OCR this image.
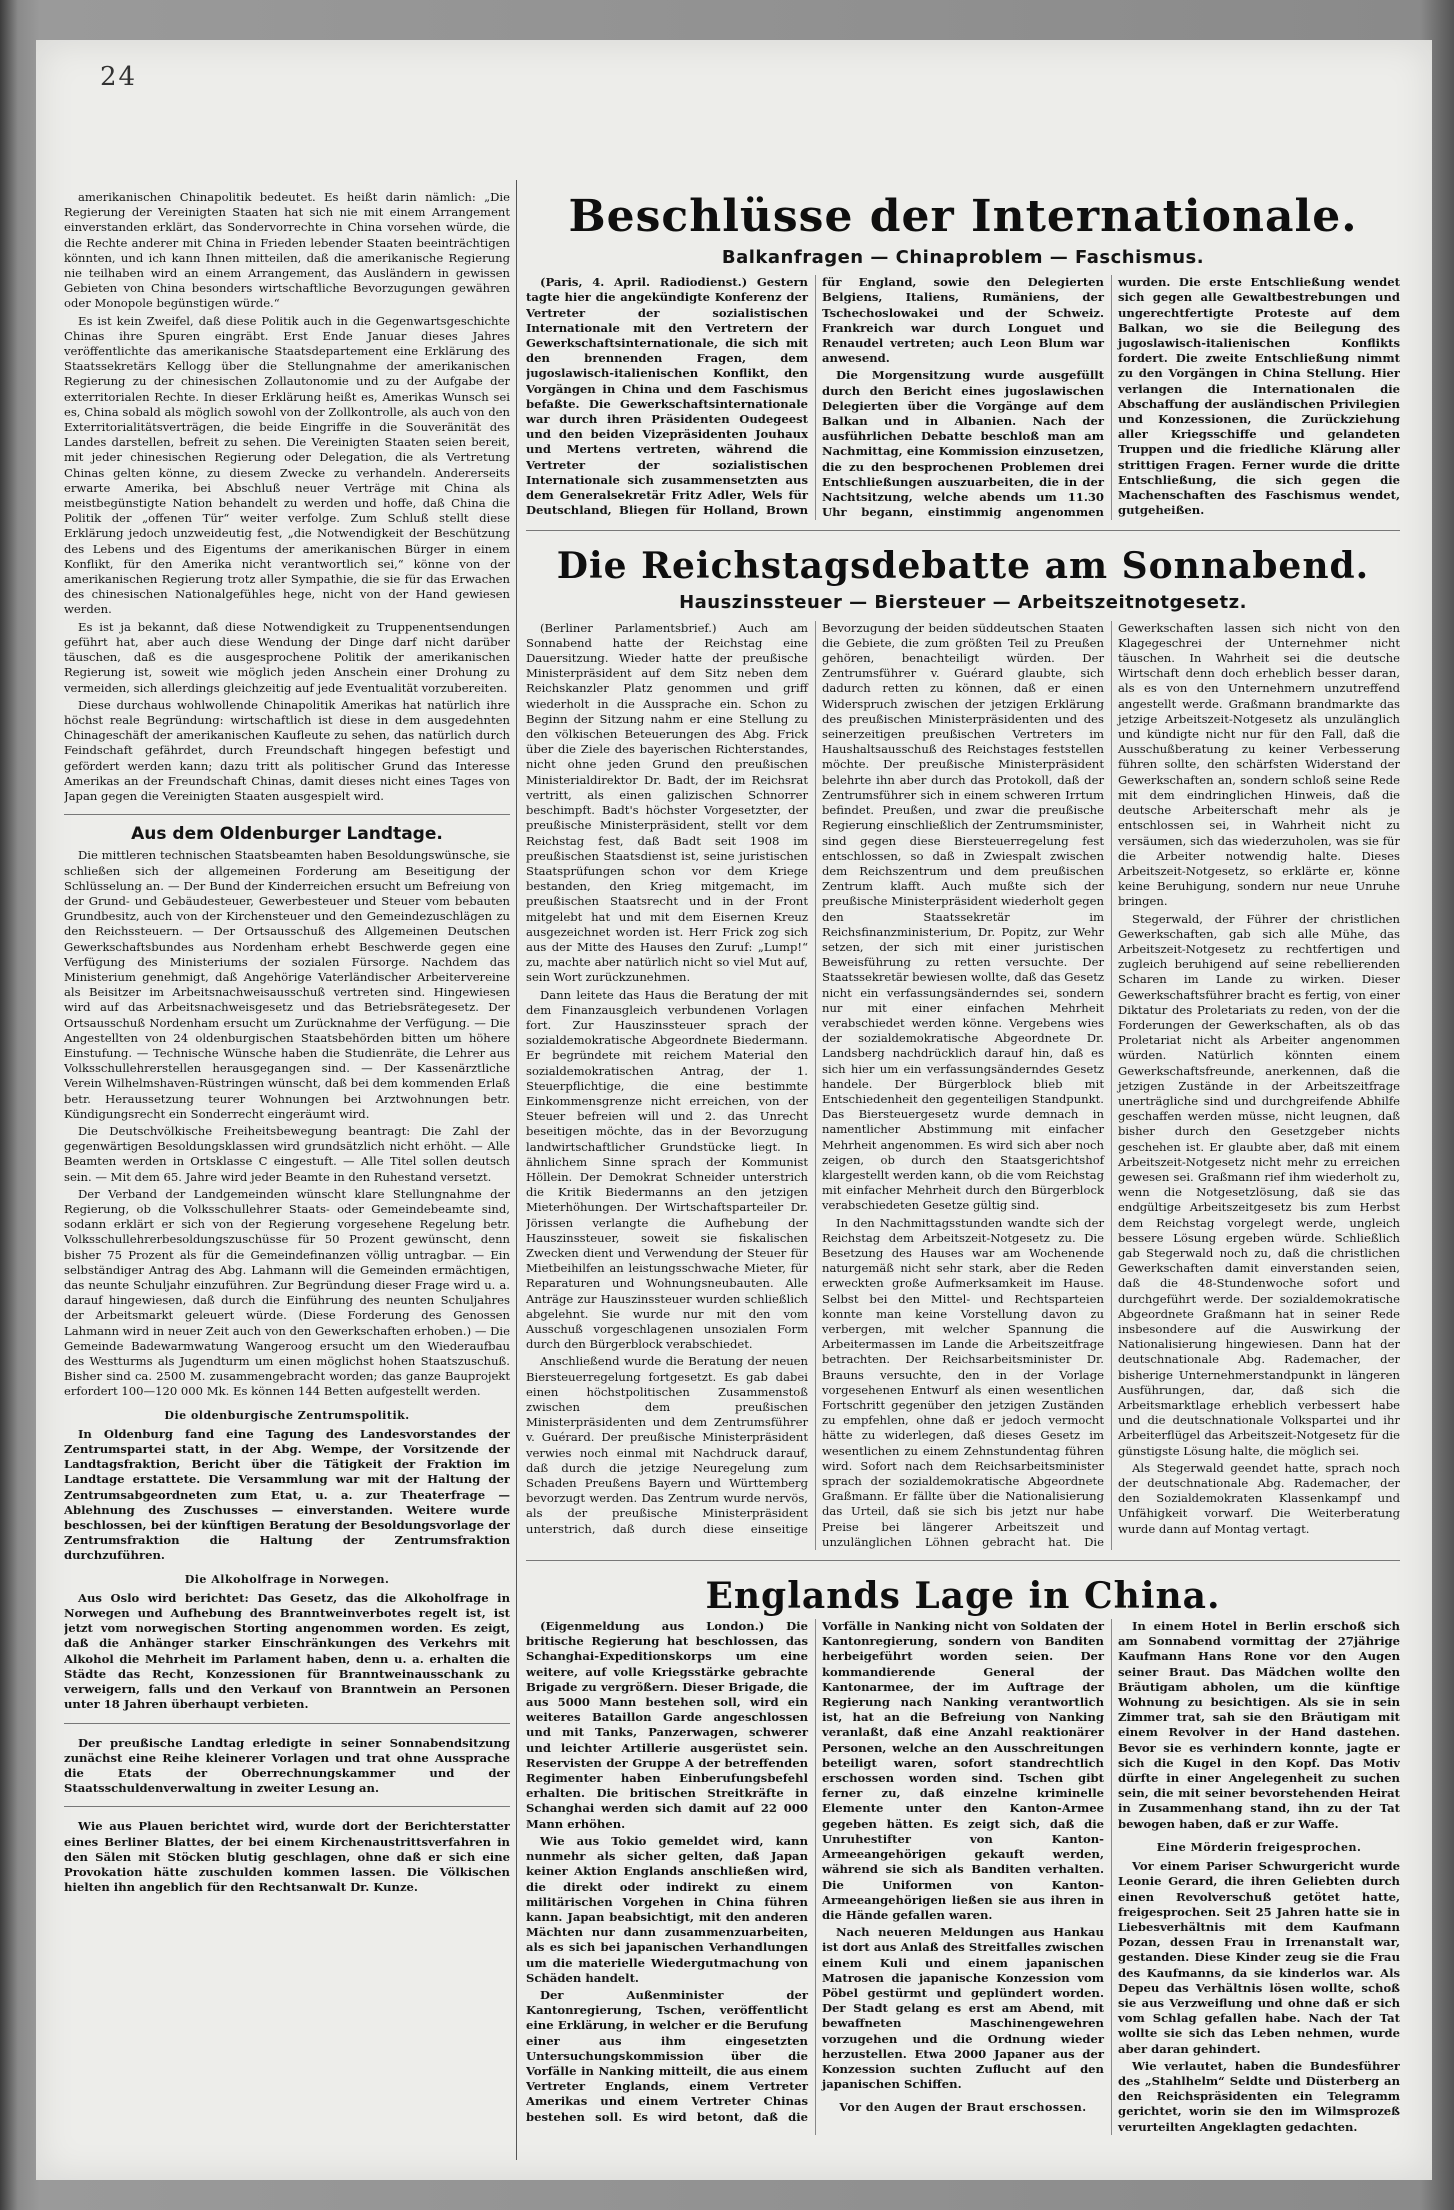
24

amerikanischen Chinapolitik bedeutet. Es heißt darin nämlich: „Die Regierung der Vereinigten Staaten hat sich nie mit einem Arrangement einverstanden erklärt, das Sondervorrechte in China vorsehen würde, die die Rechte anderer mit China in Frieden lebender Staaten beeinträchtigen könnten, und ich kann Ihnen mitteilen, daß die amerikanische Regierung nie teilhaben wird an einem Arrangement, das Ausländern in gewissen Gebieten von China besonders wirtschaftliche Bevorzugungen gewähren oder Monopole begünstigen würde.“

Es ist kein Zweifel, daß diese Politik auch in die Gegenwartsgeschichte Chinas ihre Spuren eingräbt. Erst Ende Januar dieses Jahres veröffentlichte das amerikanische Staatsdepartement eine Erklärung des Staatssekretärs Kellogg über die Stellungnahme der amerikanischen Regierung zu der chinesischen Zollautonomie und zu der Aufgabe der exterritorialen Rechte. In dieser Erklärung heißt es, Amerikas Wunsch sei es, China sobald als möglich sowohl von der Zollkontrolle, als auch von den Exterritorialitätsverträgen, die beide Eingriffe in die Souveränität des Landes darstellen, befreit zu sehen. Die Vereinigten Staaten seien bereit, mit jeder chinesischen Regierung oder Delegation, die als Vertretung Chinas gelten könne, zu diesem Zwecke zu verhandeln. Andererseits erwarte Amerika, bei Abschluß neuer Verträge mit China als meistbegünstigte Nation behandelt zu werden und hoffe, daß China die Politik der „offenen Tür“ weiter verfolge. Zum Schluß stellt diese Erklärung jedoch unzweideutig fest, „die Notwendigkeit der Beschützung des Lebens und des Eigentums der amerikanischen Bürger in einem Konflikt, für den Amerika nicht verantwortlich sei,“ könne von der amerikanischen Regierung trotz aller Sympathie, die sie für das Erwachen des chinesischen Nationalgefühles hege, nicht von der Hand gewiesen werden.

Es ist ja bekannt, daß diese Notwendigkeit zu Truppenentsendungen geführt hat, aber auch diese Wendung der Dinge darf nicht darüber täuschen, daß es die ausgesprochene Politik der amerikanischen Regierung ist, soweit wie möglich jeden Anschein einer Drohung zu vermeiden, sich allerdings gleichzeitig auf jede Eventualität vorzubereiten.

Diese durchaus wohlwollende Chinapolitik Amerikas hat natürlich ihre höchst reale Begründung: wirtschaftlich ist diese in dem ausgedehnten Chinageschäft der amerikanischen Kaufleute zu sehen, das natürlich durch Feindschaft gefährdet, durch Freundschaft hingegen befestigt und gefördert werden kann; dazu tritt als politischer Grund das Interesse Amerikas an der Freundschaft Chinas, damit dieses nicht eines Tages von Japan gegen die Vereinigten Staaten ausgespielt wird.

Aus dem Oldenburger Landtage.

Die mittleren technischen Staatsbeamten haben Besoldungswünsche, sie schließen sich der allgemeinen Forderung am Beseitigung der Schlüsselung an. — Der Bund der Kinderreichen ersucht um Befreiung von der Grund- und Gebäudesteuer, Gewerbesteuer und Steuer vom bebauten Grundbesitz, auch von der Kirchensteuer und den Gemeindezuschlägen zu den Reichssteuern. — Der Ortsausschuß des Allgemeinen Deutschen Gewerkschaftsbundes aus Nordenham erhebt Beschwerde gegen eine Verfügung des Ministeriums der sozialen Fürsorge. Nachdem das Ministerium genehmigt, daß Angehörige Vaterländischer Arbeitervereine als Beisitzer im Arbeitsnachweisausschuß vertreten sind. Hingewiesen wird auf das Arbeitsnachweisgesetz und das Betriebsrätegesetz. Der Ortsausschuß Nordenham ersucht um Zurücknahme der Verfügung. — Die Angestellten von 24 oldenburgischen Staatsbehörden bitten um höhere Einstufung. — Technische Wünsche haben die Studienräte, die Lehrer aus Volksschullehrerstellen herausgegangen sind. — Der Kassenärztliche Verein Wilhelmshaven-Rüstringen wünscht, daß bei dem kommenden Erlaß betr. Heraussetzung teurer Wohnungen bei Arztwohnungen betr. Kündigungsrecht ein Sonderrecht eingeräumt wird.

Die Deutschvölkische Freiheitsbewegung beantragt: Die Zahl der gegenwärtigen Besoldungsklassen wird grundsätzlich nicht erhöht. — Alle Beamten werden in Ortsklasse C eingestuft. — Alle Titel sollen deutsch sein. — Mit dem 65. Jahre wird jeder Beamte in den Ruhestand versetzt.

Der Verband der Landgemeinden wünscht klare Stellungnahme der Regierung, ob die Volksschullehrer Staats- oder Gemeindebeamte sind, sodann erklärt er sich von der Regierung vorgesehene Regelung betr. Volksschullehrerbesoldungszuschüsse für 50 Prozent gewünscht, denn bisher 75 Prozent als für die Gemeindefinanzen völlig untragbar. — Ein selbständiger Antrag des Abg. Lahmann will die Gemeinden ermächtigen, das neunte Schuljahr einzuführen. Zur Begründung dieser Frage wird u. a. darauf hingewiesen, daß durch die Einführung des neunten Schuljahres der Arbeitsmarkt geleuert würde. (Diese Forderung des Genossen Lahmann wird in neuer Zeit auch von den Gewerkschaften erhoben.) — Die Gemeinde Badewarmwatung Wangeroog ersucht um den Wiederaufbau des Westturms als Jugendturm um einen möglichst hohen Staatszuschuß. Bisher sind ca. 2500 M. zusammengebracht worden; das ganze Bauprojekt erfordert 100—120 000 Mk. Es können 144 Betten aufgestellt werden.

Die oldenburgische Zentrumspolitik.

In Oldenburg fand eine Tagung des Landesvorstandes der Zentrumspartei statt, in der Abg. Wempe, der Vorsitzende der Landtagsfraktion, Bericht über die Tätigkeit der Fraktion im Landtage erstattete. Die Versammlung war mit der Haltung der Zentrumsabgeordneten zum Etat, u. a. zur Theaterfrage — Ablehnung des Zuschusses — einverstanden. Weitere wurde beschlossen, bei der künftigen Beratung der Besoldungsvorlage der Zentrumsfraktion die Haltung der Zentrumsfraktion durchzuführen.

Die Alkoholfrage in Norwegen.

Aus Oslo wird berichtet: Das Gesetz, das die Alkoholfrage in Norwegen und Aufhebung des Branntweinverbotes regelt ist, ist jetzt vom norwegischen Storting angenommen worden. Es zeigt, daß die Anhänger starker Einschränkungen des Verkehrs mit Alkohol die Mehrheit im Parlament haben, denn u. a. erhalten die Städte das Recht, Konzessionen für Branntweinausschank zu verweigern, falls und den Verkauf von Branntwein an Personen unter 18 Jahren überhaupt verbieten.

Der preußische Landtag erledigte in seiner Sonnabendsitzung zunächst eine Reihe kleinerer Vorlagen und trat ohne Aussprache die Etats der Oberrechnungskammer und der Staatsschuldenverwaltung in zweiter Lesung an.

Wie aus Plauen berichtet wird, wurde dort der Berichterstatter eines Berliner Blattes, der bei einem Kirchenaustrittsverfahren in den Sälen mit Stöcken blutig geschlagen, ohne daß er sich eine Provokation hätte zuschulden kommen lassen. Die Völkischen hielten ihn angeblich für den Rechtsanwalt Dr. Kunze.

Beschlüsse der Internationale.
Balkanfragen — Chinaproblem — Faschismus.

(Paris, 4. April. Radiodienst.) Gestern tagte hier die angekündigte Konferenz der Vertreter der sozialistischen Internationale mit den Vertretern der Gewerkschaftsinternationale, die sich mit den brennenden Fragen, dem jugoslawisch-italienischen Konflikt, den Vorgängen in China und dem Faschismus befaßte. Die Gewerkschaftsinternationale war durch ihren Präsidenten Oudegeest und den beiden Vizepräsidenten Jouhaux und Mertens vertreten, während die Vertreter der sozialistischen Internationale sich zusammensetzten aus dem Generalsekretär Fritz Adler, Wels für Deutschland, Bliegen für Holland, Brown für England, sowie den Delegierten Belgiens, Italiens, Rumäniens, der Tschechoslowakei und der Schweiz. Frankreich war durch Longuet und Renaudel vertreten; auch Leon Blum war anwesend.

Die Morgensitzung wurde ausgefüllt durch den Bericht eines jugoslawischen Delegierten über die Vorgänge auf dem Balkan und in Albanien. Nach der ausführlichen Debatte beschloß man am Nachmittag, eine Kommission einzusetzen, die zu den besprochenen Problemen drei Entschließungen auszuarbeiten, die in der Nachtsitzung, welche abends um 11.30 Uhr begann, einstimmig angenommen wurden. Die erste Entschließung wendet sich gegen alle Gewaltbestrebungen und ungerechtfertigte Proteste auf dem Balkan, wo sie die Beilegung des jugoslawisch-italienischen Konflikts fordert. Die zweite Entschließung nimmt zu den Vorgängen in China Stellung. Hier verlangen die Internationalen die Abschaffung der ausländischen Privilegien und Konzessionen, die Zurückziehung aller Kriegsschiffe und gelandeten Truppen und die friedliche Klärung aller strittigen Fragen. Ferner wurde die dritte Entschließung, die sich gegen die Machenschaften des Faschismus wendet, gutgeheißen.

Die Reichstagsdebatte am Sonnabend.
Hauszinssteuer — Biersteuer — Arbeitszeitnotgesetz.

(Berliner Parlamentsbrief.) Auch am Sonnabend hatte der Reichstag eine Dauersitzung. Wieder hatte der preußische Ministerpräsident auf dem Sitz neben dem Reichskanzler Platz genommen und griff wiederholt in die Aussprache ein. Schon zu Beginn der Sitzung nahm er eine Stellung zu den völkischen Beteuerungen des Abg. Frick über die Ziele des bayerischen Richterstandes, nicht ohne jeden Grund den preußischen Ministerialdirektor Dr. Badt, der im Reichsrat vertritt, als einen galizischen Schnorrer beschimpft. Badt's höchster Vorgesetzter, der preußische Ministerpräsident, stellt vor dem Reichstag fest, daß Badt seit 1908 im preußischen Staatsdienst ist, seine juristischen Staatsprüfungen schon vor dem Kriege bestanden, den Krieg mitgemacht, im preußischen Staatsrecht und in der Front mitgelebt hat und mit dem Eisernen Kreuz ausgezeichnet worden ist. Herr Frick zog sich aus der Mitte des Hauses den Zuruf: „Lump!“ zu, machte aber natürlich nicht so viel Mut auf, sein Wort zurückzunehmen.

Dann leitete das Haus die Beratung der mit dem Finanzausgleich verbundenen Vorlagen fort. Zur Hauszinssteuer sprach der sozialdemokratische Abgeordnete Biedermann. Er begründete mit reichem Material den sozialdemokratischen Antrag, der 1. Steuerpflichtige, die eine bestimmte Einkommensgrenze nicht erreichen, von der Steuer befreien will und 2. das Unrecht beseitigen möchte, das in der Bevorzugung landwirtschaftlicher Grundstücke liegt. In ähnlichem Sinne sprach der Kommunist Höllein. Der Demokrat Schneider unterstrich die Kritik Biedermanns an den jetzigen Mieterhöhungen. Der Wirtschaftsparteiler Dr. Jörissen verlangte die Aufhebung der Hauszinssteuer, soweit sie fiskalischen Zwecken dient und Verwendung der Steuer für Mietbeihilfen an leistungsschwache Mieter, für Reparaturen und Wohnungsneubauten. Alle Anträge zur Hauszinssteuer wurden schließlich abgelehnt. Sie wurde nur mit den vom Ausschuß vorgeschlagenen unsozialen Form durch den Bürgerblock verabschiedet.

Anschließend wurde die Beratung der neuen Biersteuerregelung fortgesetzt. Es gab dabei einen höchstpolitischen Zusammenstoß zwischen dem preußischen Ministerpräsidenten und dem Zentrumsführer v. Guérard. Der preußische Ministerpräsident verwies noch einmal mit Nachdruck darauf, daß durch die jetzige Neuregelung zum Schaden Preußens Bayern und Württemberg bevorzugt werden. Das Zentrum wurde nervös, als der preußische Ministerpräsident unterstrich, daß durch diese einseitige Bevorzugung der beiden süddeutschen Staaten die Gebiete, die zum größten Teil zu Preußen gehören, benachteiligt würden. Der Zentrumsführer v. Guérard glaubte, sich dadurch retten zu können, daß er einen Widerspruch zwischen der jetzigen Erklärung des preußischen Ministerpräsidenten und des seinerzeitigen preußischen Vertreters im Haushaltsausschuß des Reichstages feststellen möchte. Der preußische Ministerpräsident belehrte ihn aber durch das Protokoll, daß der Zentrumsführer sich in einem schweren Irrtum befindet. Preußen, und zwar die preußische Regierung einschließlich der Zentrumsminister, sind gegen diese Biersteuerregelung fest entschlossen, so daß in Zwiespalt zwischen dem Reichszentrum und dem preußischen Zentrum klafft. Auch mußte sich der preußische Ministerpräsident wiederholt gegen den Staatssekretär im Reichsfinanzministerium, Dr. Popitz, zur Wehr setzen, der sich mit einer juristischen Beweisführung zu retten versuchte. Der Staatssekretär bewiesen wollte, daß das Gesetz nicht ein verfassungsänderndes sei, sondern nur mit einer einfachen Mehrheit verabschiedet werden könne. Vergebens wies der sozialdemokratische Abgeordnete Dr. Landsberg nachdrücklich darauf hin, daß es sich hier um ein verfassungsänderndes Gesetz handele. Der Bürgerblock blieb mit Entschiedenheit den gegenteiligen Standpunkt. Das Biersteuergesetz wurde demnach in namentlicher Abstimmung mit einfacher Mehrheit angenommen. Es wird sich aber noch zeigen, ob durch den Staatsgerichtshof klargestellt werden kann, ob die vom Reichstag mit einfacher Mehrheit durch den Bürgerblock verabschiedeten Gesetze gültig sind.

In den Nachmittagsstunden wandte sich der Reichstag dem Arbeitszeit-Notgesetz zu. Die Besetzung des Hauses war am Wochenende naturgemäß nicht sehr stark, aber die Reden erweckten große Aufmerksamkeit im Hause. Selbst bei den Mittel- und Rechtsparteien konnte man keine Vorstellung davon zu verbergen, mit welcher Spannung die Arbeitermassen im Lande die Arbeitszeitfrage betrachten. Der Reichsarbeitsminister Dr. Brauns versuchte, den in der Vorlage vorgesehenen Entwurf als einen wesentlichen Fortschritt gegenüber den jetzigen Zuständen zu empfehlen, ohne daß er jedoch vermocht hätte zu widerlegen, daß dieses Gesetz im wesentlichen zu einem Zehnstundentag führen wird. Sofort nach dem Reichsarbeitsminister sprach der sozialdemokratische Abgeordnete Graßmann. Er fällte über die Nationalisierung das Urteil, daß sie sich bis jetzt nur habe Preise bei längerer Arbeitszeit und unzulänglichen Löhnen gebracht hat. Die Gewerkschaften lassen sich nicht von den Klagegeschrei der Unternehmer nicht täuschen. In Wahrheit sei die deutsche Wirtschaft denn doch erheblich besser daran, als es von den Unternehmern unzutreffend angestellt werde. Graßmann brandmarkte das jetzige Arbeitszeit-Notgesetz als unzulänglich und kündigte nicht nur für den Fall, daß die Ausschußberatung zu keiner Verbesserung führen sollte, den schärfsten Widerstand der Gewerkschaften an, sondern schloß seine Rede mit dem eindringlichen Hinweis, daß die deutsche Arbeiterschaft mehr als je entschlossen sei, in Wahrheit nicht zu versäumen, sich das wiederzuholen, was sie für die Arbeiter notwendig halte. Dieses Arbeitszeit-Notgesetz, so erklärte er, könne keine Beruhigung, sondern nur neue Unruhe bringen.

Stegerwald, der Führer der christlichen Gewerkschaften, gab sich alle Mühe, das Arbeitszeit-Notgesetz zu rechtfertigen und zugleich beruhigend auf seine rebellierenden Scharen im Lande zu wirken. Dieser Gewerkschaftsführer bracht es fertig, von einer Diktatur des Proletariats zu reden, von der die Forderungen der Gewerkschaften, als ob das Proletariat nicht als Arbeiter angenommen würden. Natürlich könnten einem Gewerkschaftsfreunde, anerkennen, daß die jetzigen Zustände in der Arbeitszeitfrage unerträgliche sind und durchgreifende Abhilfe geschaffen werden müsse, nicht leugnen, daß bisher durch den Gesetzgeber nichts geschehen ist. Er glaubte aber, daß mit einem Arbeitszeit-Notgesetz nicht mehr zu erreichen gewesen sei. Graßmann rief ihm wiederholt zu, wenn die Notgesetzlösung, daß sie das endgültige Arbeitszeitgesetz bis zum Herbst dem Reichstag vorgelegt werde, ungleich bessere Lösung ergeben würde. Schließlich gab Stegerwald noch zu, daß die christlichen Gewerkschaften damit einverstanden seien, daß die 48-Stundenwoche sofort und durchgeführt werde. Der sozialdemokratische Abgeordnete Graßmann hat in seiner Rede insbesondere auf die Auswirkung der Nationalisierung hingewiesen. Dann hat der deutschnationale Abg. Rademacher, der bisherige Unternehmerstandpunkt in längeren Ausführungen, dar, daß sich die Arbeitsmarktlage erheblich verbessert habe und die deutschnationale Volkspartei und ihr Arbeiterflügel das Arbeitszeit-Notgesetz für die günstigste Lösung halte, die möglich sei.

Als Stegerwald geendet hatte, sprach noch der deutschnationale Abg. Rademacher, der den Sozialdemokraten Klassenkampf und Unfähigkeit vorwarf. Die Weiterberatung wurde dann auf Montag vertagt.

Englands Lage in China.

(Eigenmeldung aus London.) Die britische Regierung hat beschlossen, das Schanghai-Expeditionskorps um eine weitere, auf volle Kriegsstärke gebrachte Brigade zu vergrößern. Dieser Brigade, die aus 5000 Mann bestehen soll, wird ein weiteres Bataillon Garde angeschlossen und mit Tanks, Panzerwagen, schwerer und leichter Artillerie ausgerüstet sein. Reservisten der Gruppe A der betreffenden Regimenter haben Einberufungsbefehl erhalten. Die britischen Streitkräfte in Schanghai werden sich damit auf 22 000 Mann erhöhen.

Wie aus Tokio gemeldet wird, kann nunmehr als sicher gelten, daß Japan keiner Aktion Englands anschließen wird, die direkt oder indirekt zu einem militärischen Vorgehen in China führen kann. Japan beabsichtigt, mit den anderen Mächten nur dann zusammenzuarbeiten, als es sich bei japanischen Verhandlungen um die materielle Wiedergutmachung von Schäden handelt.

Der Außenminister der Kantonregierung, Tschen, veröffentlicht eine Erklärung, in welcher er die Berufung einer aus ihm eingesetzten Untersuchungskommission über die Vorfälle in Nanking mitteilt, die aus einem Vertreter Englands, einem Vertreter Amerikas und einem Vertreter Chinas bestehen soll. Es wird betont, daß die Vorfälle in Nanking nicht von Soldaten der Kantonregierung, sondern von Banditen herbeigeführt worden seien. Der kommandierende General der Kantonarmee, der im Auftrage der Regierung nach Nanking verantwortlich ist, hat an die Befreiung von Nanking veranlaßt, daß eine Anzahl reaktionärer Personen, welche an den Ausschreitungen beteiligt waren, sofort standrechtlich erschossen worden sind. Tschen gibt ferner zu, daß einzelne kriminelle Elemente unter den Kanton-Armee gegeben hätten. Es zeigt sich, daß die Unruhestifter von Kanton-Armeeangehörigen gekauft werden, während sie sich als Banditen verhalten. Die Uniformen von Kanton-Armeeangehörigen ließen sie aus ihren in die Hände gefallen waren.

Nach neueren Meldungen aus Hankau ist dort aus Anlaß des Streitfalles zwischen einem Kuli und einem japanischen Matrosen die japanische Konzession vom Pöbel gestürmt und geplündert worden. Der Stadt gelang es erst am Abend, mit bewaffneten Maschinengewehren vorzugehen und die Ordnung wieder herzustellen. Etwa 2000 Japaner aus der Konzession suchten Zuflucht auf den japanischen Schiffen.

Vor den Augen der Braut erschossen.

In einem Hotel in Berlin erschoß sich am Sonnabend vormittag der 27jährige Kaufmann Hans Rone vor den Augen seiner Braut. Das Mädchen wollte den Bräutigam abholen, um die künftige Wohnung zu besichtigen. Als sie in sein Zimmer trat, sah sie den Bräutigam mit einem Revolver in der Hand dastehen. Bevor sie es verhindern konnte, jagte er sich die Kugel in den Kopf. Das Motiv dürfte in einer Angelegenheit zu suchen sein, die mit seiner bevorstehenden Heirat in Zusammenhang stand, ihn zu der Tat bewogen haben, daß er zur Waffe.

Eine Mörderin freigesprochen.

Vor einem Pariser Schwurgericht wurde Leonie Gerard, die ihren Geliebten durch einen Revolverschuß getötet hatte, freigesprochen. Seit 25 Jahren hatte sie in Liebesverhältnis mit dem Kaufmann Pozan, dessen Frau in Irrenanstalt war, gestanden. Diese Kinder zeug sie die Frau des Kaufmanns, da sie kinderlos war. Als Depeu das Verhältnis lösen wollte, schoß sie aus Verzweiflung und ohne daß er sich vom Schlag gefallen habe. Nach der Tat wollte sie sich das Leben nehmen, wurde aber daran gehindert.

Wie verlautet, haben die Bundesführer des „Stahlhelm“ Seldte und Düsterberg an den Reichspräsidenten ein Telegramm gerichtet, worin sie den im Wilmsprozeß verurteilten Angeklagten gedachten.
